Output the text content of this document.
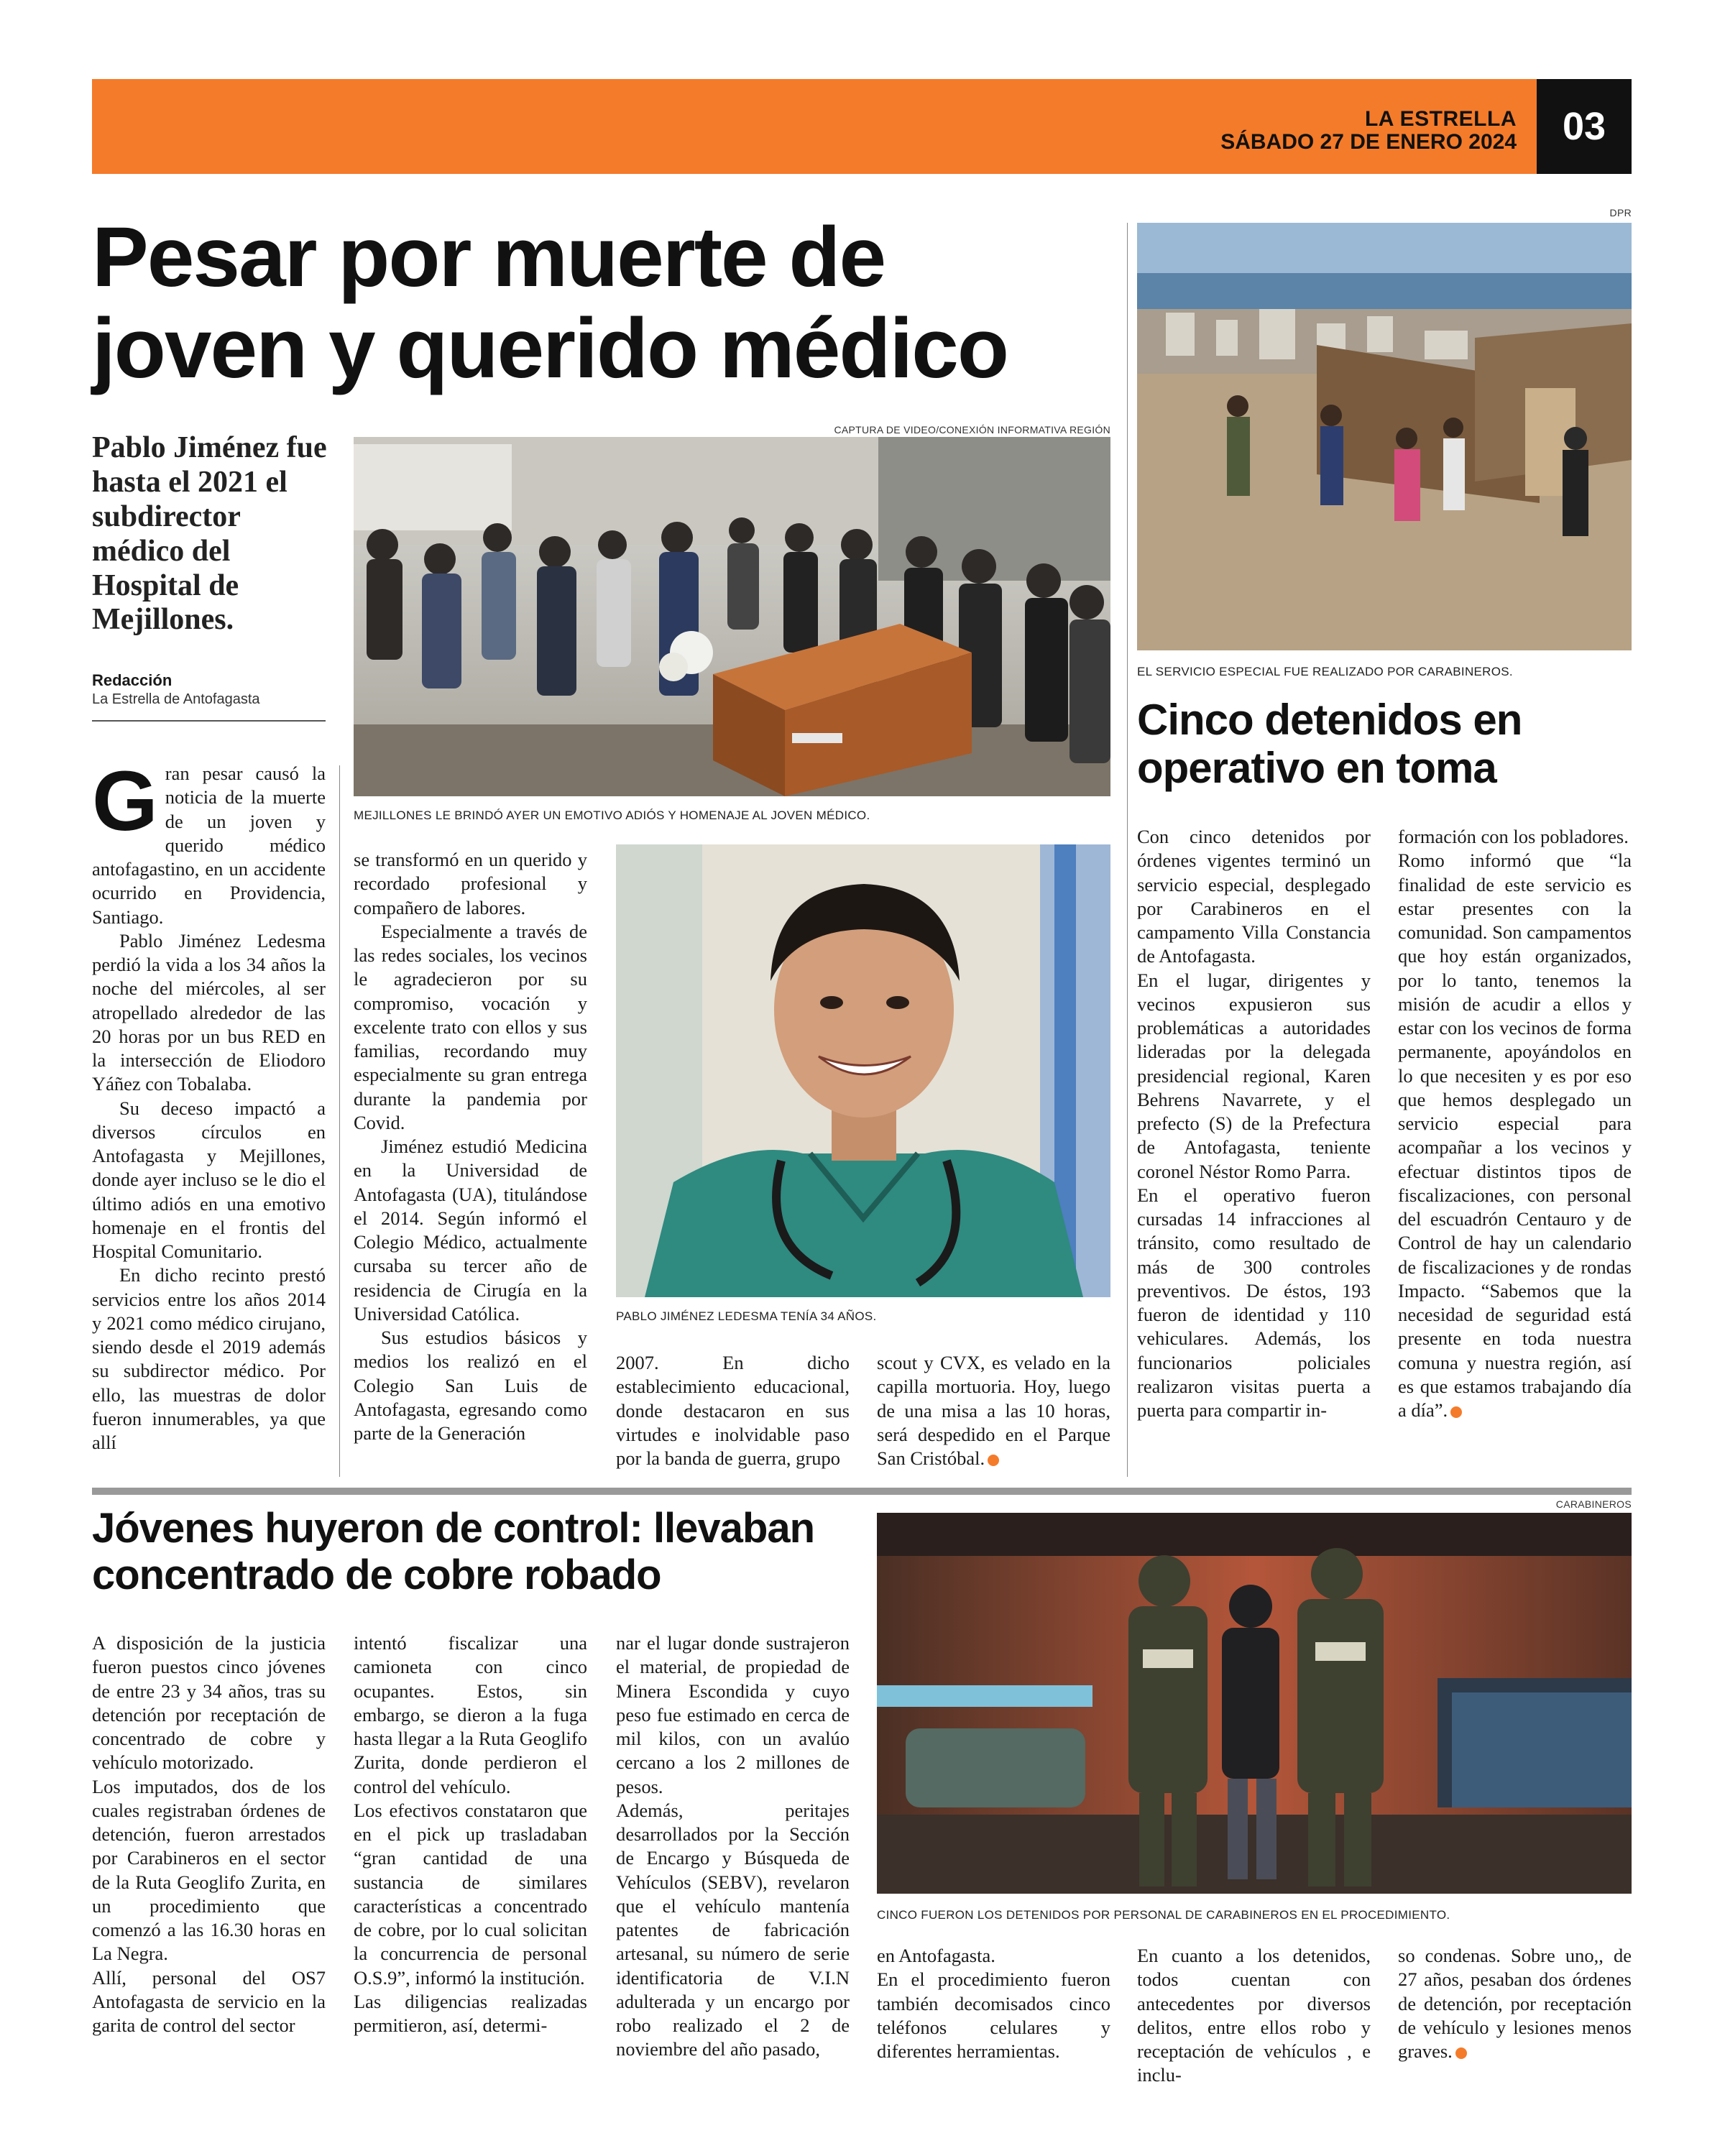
LA ESTRELLA
SÁBADO 27 DE ENERO 2024	03
Pesar por muerte de
joven y querido médico
Pablo Jiménez fue hasta el 2021 el subdirector médico del Hospital de Mejillones.
Redacción
La Estrella de Antofagasta
CAPTURA DE VIDEO/CONEXIÓN INFORMATIVA REGIÓN
MEJILLONES LE BRINDÓ AYER UN EMOTIVO ADIÓS Y HOMENAJE AL JOVEN MÉDICO.
PABLO JIMÉNEZ LEDESMA TENÍA 34 AÑOS.

Gran pesar causó la noticia de la muerte de un joven y querido médico antofagastino, en un accidente ocurrido en Providencia, Santiago.

Pablo Jiménez Ledesma perdió la vida a los 34 años la noche del miércoles, al ser atropellado alrededor de las 20 horas por un bus RED en la intersección de Eliodoro Yáñez con Tobalaba.

Su deceso impactó a diversos círculos en Antofagasta y Mejillones, donde ayer incluso se le dio el último adiós en una emotivo homenaje en el frontis del Hospital Comunitario.

En dicho recinto prestó servicios entre los años 2014 y 2021 como médico cirujano, siendo desde el 2019 además su subdirector médico. Por ello, las muestras de dolor fueron innumerables, ya que allí

se transformó en un querido y recordado profesional y compañero de labores.

Especialmente a través de las redes sociales, los vecinos le agradecieron por su compromiso, vocación y excelente trato con ellos y sus familias, recordando muy especialmente su gran entrega durante la pandemia por Covid.

Jiménez estudió Medicina en la Universidad de Antofagasta (UA), titulándose el 2014. Según informó el Colegio Médico, actualmente cursaba su tercer año de residencia de Cirugía en la Universidad Católica.

Sus estudios básicos y medios los realizó en el Colegio San Luis de Antofagasta, egresando como parte de la Generación

2007. En dicho establecimiento educacional, donde destacaron en sus virtudes e inolvidable paso por la banda de guerra, grupo

scout y CVX, es velado en la capilla mortuoria. Hoy, luego de una misa a las 10 horas, será despedido en el Parque San Cristóbal.

DPR
EL SERVICIO ESPECIAL FUE REALIZADO POR CARABINEROS.
Cinco detenidos en
operativo en toma

Con cinco detenidos por órdenes vigentes terminó un servicio especial, desplegado por Carabineros en el campamento Villa Constancia de Antofagasta.

En el lugar, dirigentes y vecinos expusieron sus problemáticas a autoridades lideradas por la delegada presidencial regional, Karen Behrens Navarrete, y el prefecto (S) de la Prefectura de Antofagasta, teniente coronel Néstor Romo Parra.

En el operativo fueron cursadas 14 infracciones al tránsito, como resultado de más de 300 controles preventivos. De éstos, 193 fueron de identidad y 110 vehiculares. Además, los funcionarios policiales realizaron visitas puerta a puerta para compartir in-

formación con los pobladores.

Romo informó que “la finalidad de este servicio es estar presentes con la comunidad. Son campamentos que hoy están organizados, por lo tanto, tenemos la misión de acudir a ellos y estar con los vecinos de forma permanente, apoyándolos en lo que necesiten y es por eso que hemos desplegado un servicio especial para acompañar a los vecinos y efectuar distintos tipos de fiscalizaciones, con personal del escuadrón Centauro y de Control de hay un calendario de fiscalizaciones y de rondas Impacto. “Sabemos que la necesidad de seguridad está presente en toda nuestra comuna y nuestra región, así es que estamos trabajando día a día”.

Jóvenes huyeron de control: llevaban
concentrado de cobre robado
CARABINEROS
CINCO FUERON LOS DETENIDOS POR PERSONAL DE CARABINEROS EN EL PROCEDIMIENTO.

A disposición de la justicia fueron puestos cinco jóvenes de entre 23 y 34 años, tras su detención por receptación de concentrado de cobre y vehículo motorizado.

Los imputados, dos de los cuales registraban órdenes de detención, fueron arrestados por Carabineros en el sector de la Ruta Geoglifo Zurita, en un procedimiento que comenzó a las 16.30 horas en La Negra.

Allí, personal del OS7 Antofagasta de servicio en la garita de control del sector

intentó fiscalizar una camioneta con cinco ocupantes. Estos, sin embargo, se dieron a la fuga hasta llegar a la Ruta Geoglifo Zurita, donde perdieron el control del vehículo.

Los efectivos constataron que en el pick up trasladaban “gran cantidad de una sustancia de similares características a concentrado de cobre, por lo cual solicitan la concurrencia de personal O.S.9”, informó la institución.

Las diligencias realizadas permitieron, así, determi-

nar el lugar donde sustrajeron el material, de propiedad de Minera Escondida y cuyo peso fue estimado en cerca de mil kilos, con un avalúo cercano a los 2 millones de pesos.

Además, peritajes desarrollados por la Sección de Encargo y Búsqueda de Vehículos (SEBV), revelaron que el vehículo mantenía patentes de fabricación artesanal, su número de serie identificatoria de V.I.N adulterada y un encargo por robo realizado el 2 de noviembre del año pasado,

en Antofagasta.

En el procedimiento fueron también decomisados cinco teléfonos celulares y diferentes herramientas.

En cuanto a los detenidos, todos cuentan con antecedentes por diversos delitos, entre ellos robo y receptación de vehículos , e inclu-

so condenas. Sobre uno,, de 27 años, pesaban dos órdenes de detención, por receptación de vehículo y lesiones menos graves.
